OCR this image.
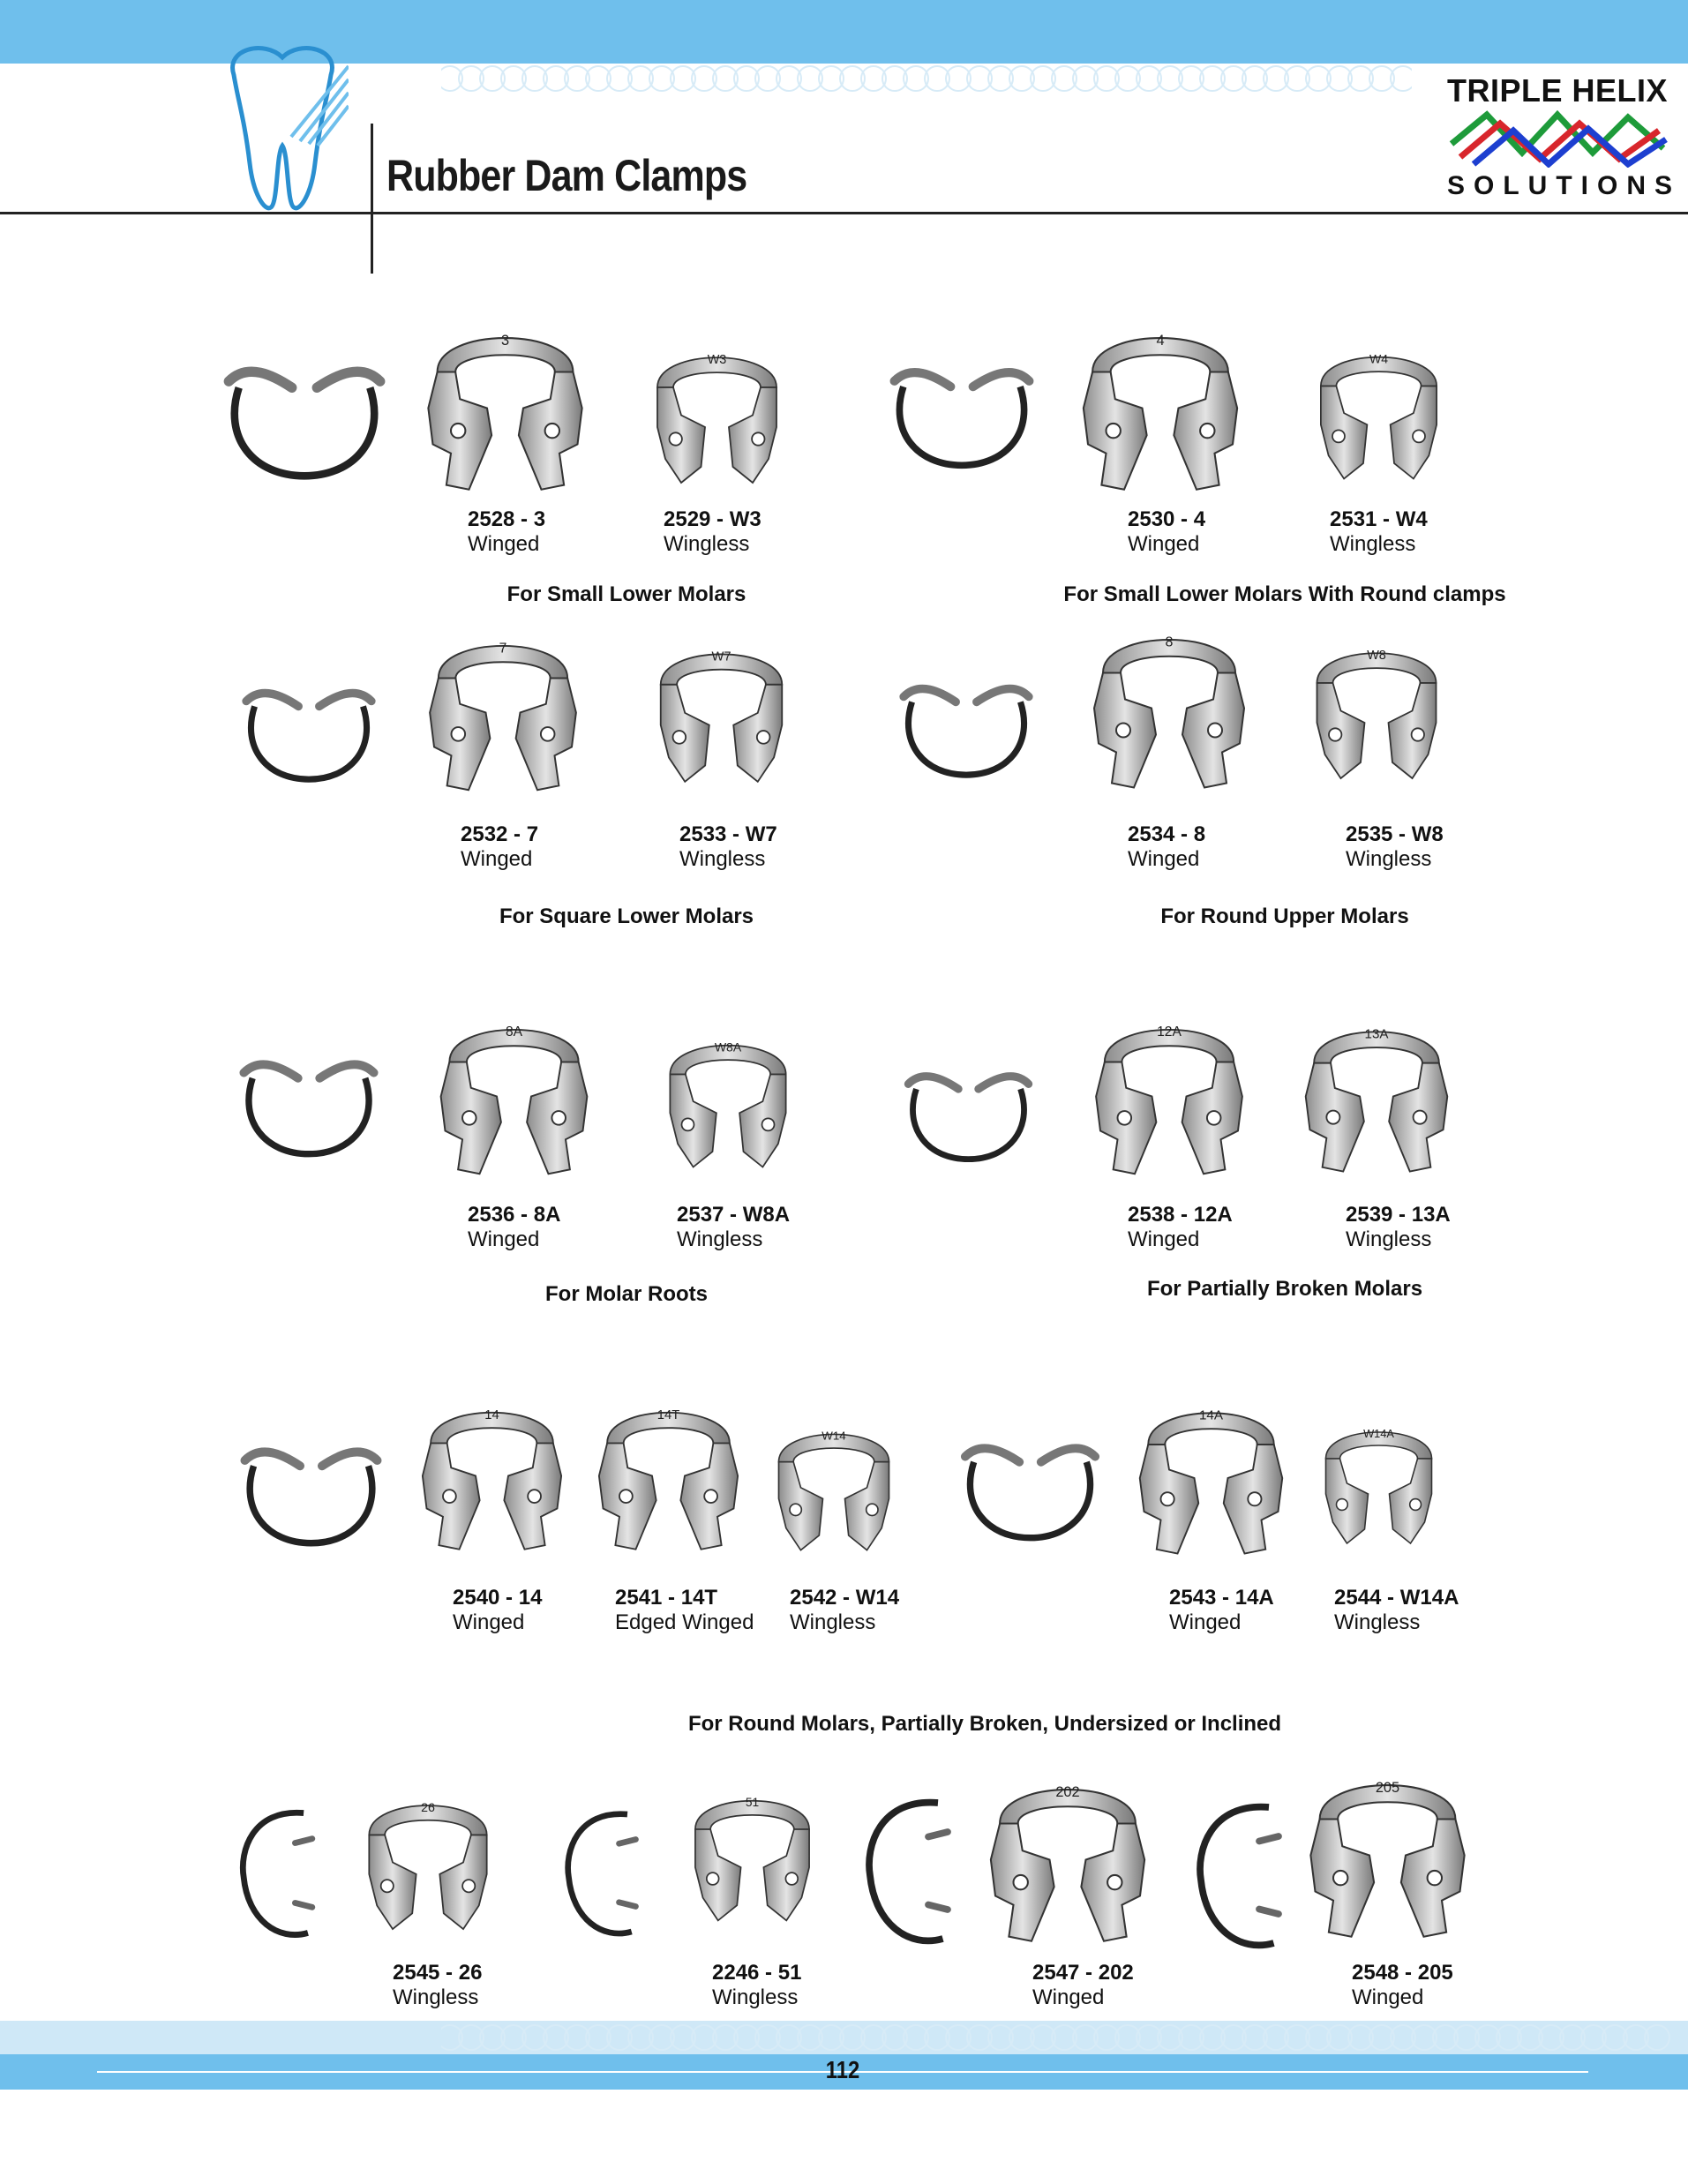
Rubber Dam Clamps
TRIPLE HELIX
SOLUTIONS
3
W3
4
W4
7
W7
8
W8
8A
W8A
12A	13A
14	14T
W14
14A
W14A
26	51
202	205
2528 - 3
Winged
2529 - W3
Wingless
2530 - 4
Winged
2531 - W4
Wingless
For Small Lower Molars	For Small Lower Molars With Round clamps
2532 - 7
Winged
2533 - W7
Wingless
2534 - 8
Winged
2535 - W8
Wingless
For Square Lower Molars	For Round Upper Molars
2536 - 8A
Winged
2537 - W8A
Wingless
2538 - 12A
Winged
2539 - 13A
Wingless
For Molar Roots	For Partially Broken Molars
2540 - 14
Winged
2541 - 14T
Edged Winged
2542 - W14
Wingless
2543 - 14A
Winged
2544 - W14A
Wingless
For Round Molars, Partially Broken, Undersized or Inclined
2545 - 26
Wingless
2246 - 51
Wingless
2547 - 202
Winged
2548 - 205
Winged
112
